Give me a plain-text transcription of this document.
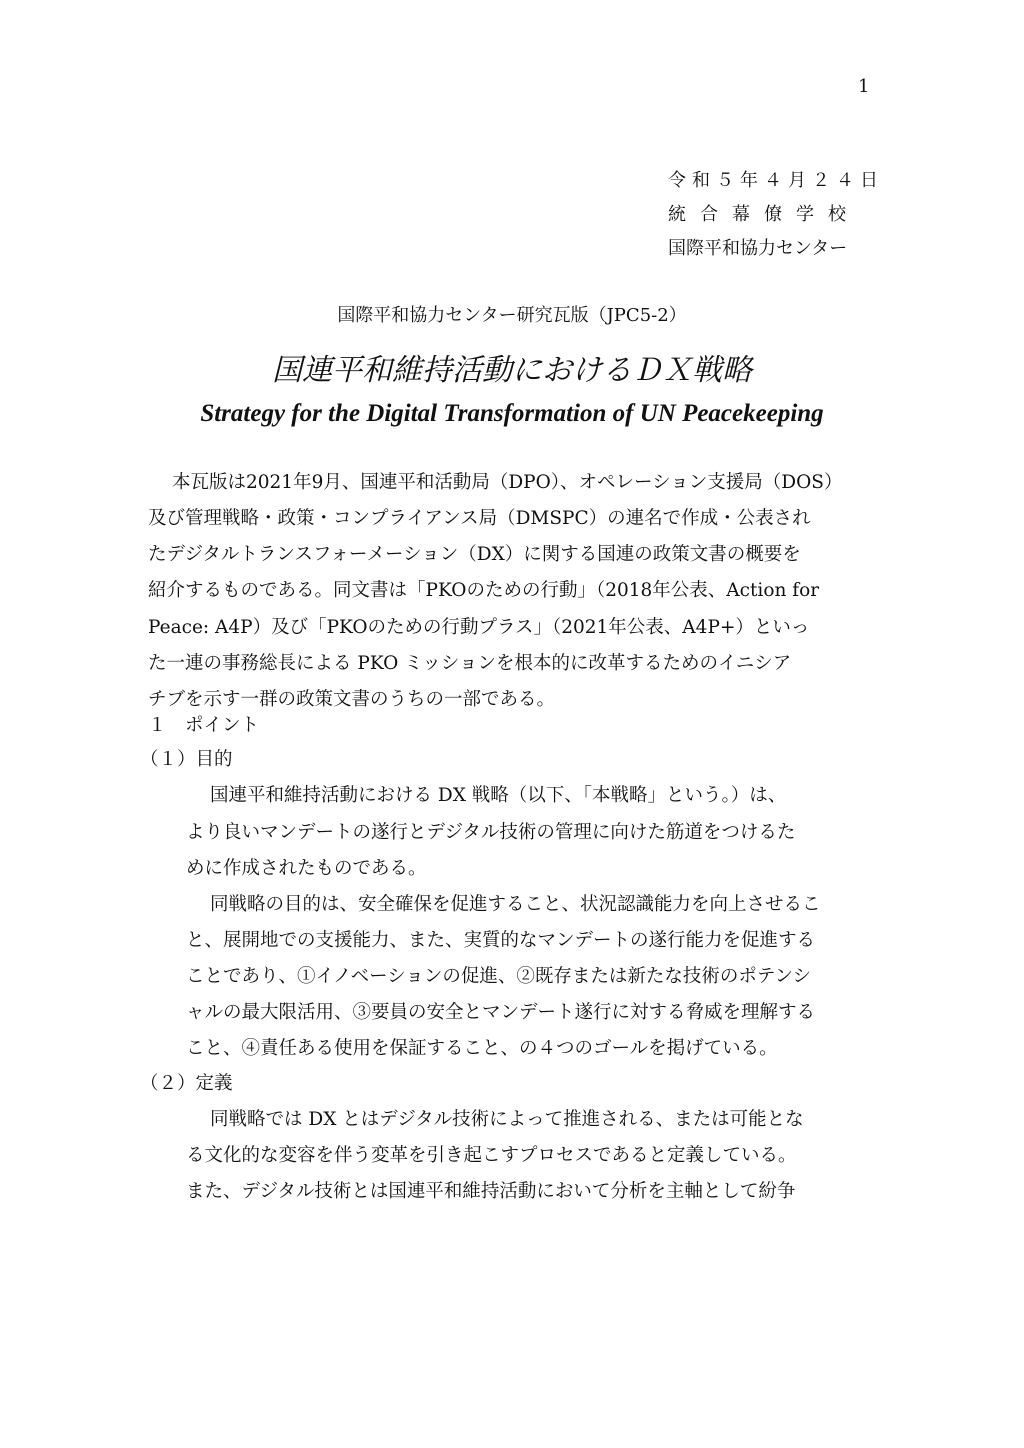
1
令和５年４月２４日
統合幕僚学校
国際平和協力センター
国際平和協力センター研究瓦版（JPC5-2）
国連平和維持活動におけるＤＸ戦略
Strategy for the Digital Transformation of UN Peacekeeping
本瓦版は2021年9月、国連平和活動局（DPO）、オペレーション支援局（DOS）
及び管理戦略・政策・コンプライアンス局（DMSPC）の連名で作成・公表され
たデジタルトランスフォーメーション（DX）に関する国連の政策文書の概要を
紹介するものである。同文書は「PKOのための行動」（2018年公表、Action for
Peace: A4P）及び「PKOのための行動プラス」（2021年公表、A4P+）といっ
た一連の事務総長による PKO ミッションを根本的に改革するためのイニシア
チブを示す一群の政策文書のうちの一部である。
１　ポイント
（１）目的
国連平和維持活動における DX 戦略（以下、「本戦略」という。）は、
より良いマンデートの遂行とデジタル技術の管理に向けた筋道をつけるた
めに作成されたものである。
同戦略の目的は、安全確保を促進すること、状況認識能力を向上させるこ
と、展開地での支援能力、また、実質的なマンデートの遂行能力を促進する
ことであり、①イノベーションの促進、②既存または新たな技術のポテンシ
ャルの最大限活用、③要員の安全とマンデート遂行に対する脅威を理解する
こと、④責任ある使用を保証すること、の４つのゴールを掲げている。
（２）定義
同戦略では DX とはデジタル技術によって推進される、または可能とな
る文化的な変容を伴う変革を引き起こすプロセスであると定義している。
また、デジタル技術とは国連平和維持活動において分析を主軸として紛争
